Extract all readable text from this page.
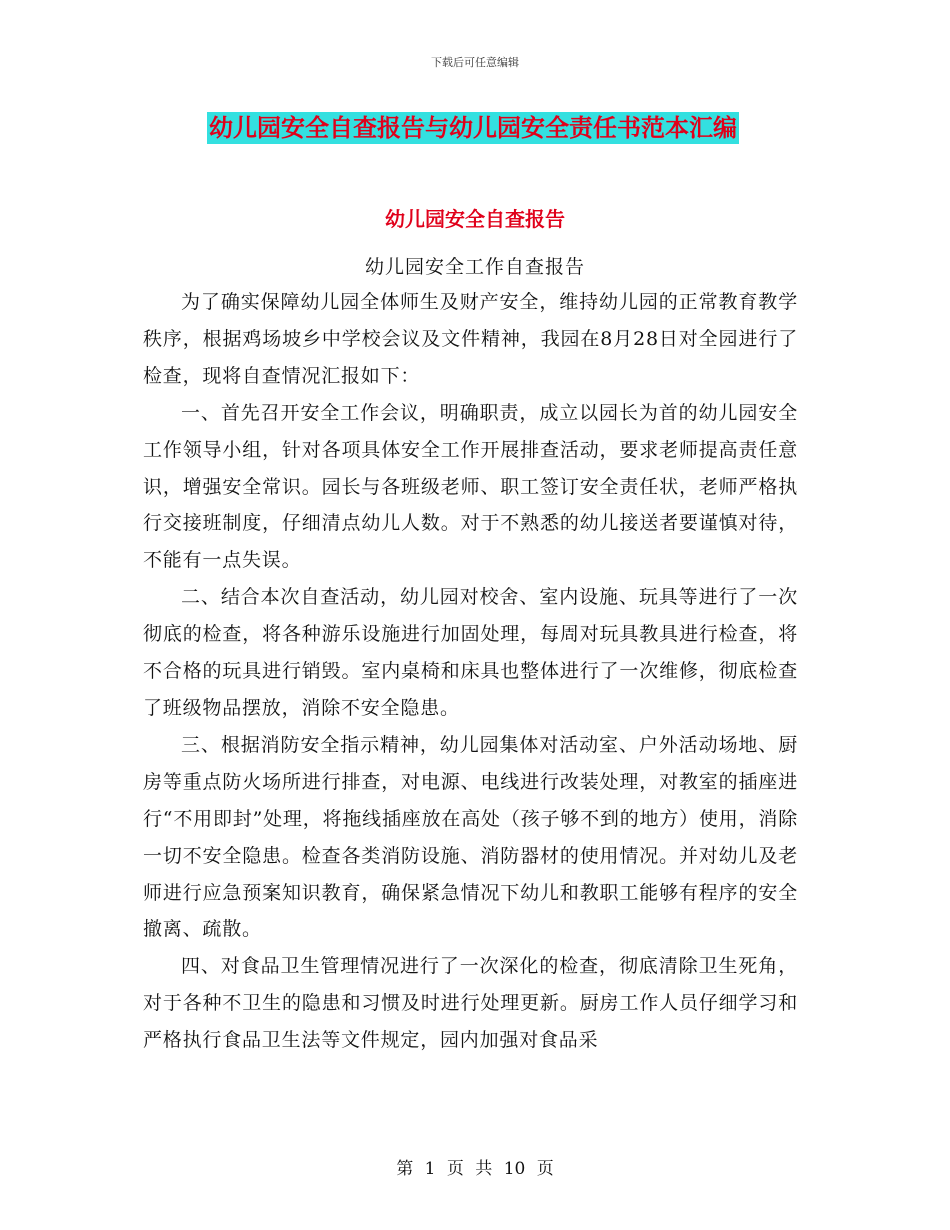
下载后可任意编辑
幼儿园安全自查报告与幼儿园安全责任书范本汇编
幼儿园安全自查报告
幼儿园安全工作自查报告

为了确实保障幼儿园全体师生及财产安全，维持幼儿园的正常教育教学秩序，根据鸡场坡乡中学校会议及文件精神，我园在8月28日对全园进行了检查，现将自查情况汇报如下：

一、首先召开安全工作会议，明确职责，成立以园长为首的幼儿园安全工作领导小组，针对各项具体安全工作开展排查活动，要求老师提高责任意识，增强安全常识。园长与各班级老师、职工签订安全责任状，老师严格执行交接班制度，仔细清点幼儿人数。对于不熟悉的幼儿接送者要谨慎对待，不能有一点失误。

二、结合本次自查活动，幼儿园对校舍、室内设施、玩具等进行了一次彻底的检查，将各种游乐设施进行加固处理，每周对玩具教具进行检查，将不合格的玩具进行销毁。室内桌椅和床具也整体进行了一次维修，彻底检查了班级物品摆放，消除不安全隐患。

三、根据消防安全指示精神，幼儿园集体对活动室、户外活动场地、厨房等重点防火场所进行排查，对电源、电线进行改装处理，对教室的插座进行“不用即封”处理，将拖线插座放在高处（孩子够不到的地方）使用，消除一切不安全隐患。检查各类消防设施、消防器材的使用情况。并对幼儿及老师进行应急预案知识教育，确保紧急情况下幼儿和教职工能够有程序的安全撤离、疏散。

四、对食品卫生管理情况进行了一次深化的检查，彻底清除卫生死角，对于各种不卫生的隐患和习惯及时进行处理更新。厨房工作人员仔细学习和严格执行食品卫生法等文件规定，园内加强对食品采

第 1 页 共 10 页
